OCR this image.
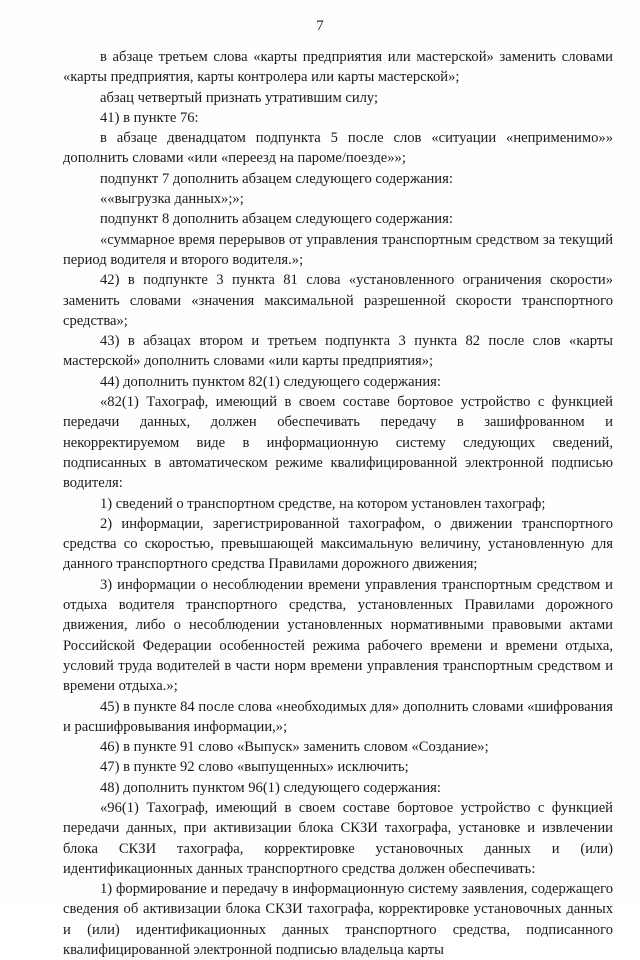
7

в абзаце третьем слова «карты предприятия или мастерской» заменить словами «карты предприятия, карты контролера или карты мастерской»;

абзац четвертый признать утратившим силу;

41) в пункте 76:

в абзаце двенадцатом подпункта 5 после слов «ситуации «неприменимо»» дополнить словами «или «переезд на пароме/поезде»»;

подпункт 7 дополнить абзацем следующего содержания:

««выгрузка данных»;»;

подпункт 8 дополнить абзацем следующего содержания:

«суммарное время перерывов от управления транспортным средством за текущий период водителя и второго водителя.»;

42) в подпункте 3 пункта 81 слова «установленного ограничения скорости» заменить словами «значения максимальной разрешенной скорости транспортного средства»;

43) в абзацах втором и третьем подпункта 3 пункта 82 после слов «карты мастерской» дополнить словами «или карты предприятия»;

44) дополнить пунктом 82(1) следующего содержания:

«82(1) Тахограф, имеющий в своем составе бортовое устройство с функцией передачи данных, должен обеспечивать передачу в зашифрованном и некорректируемом виде в информационную систему следующих сведений, подписанных в автоматическом режиме квалифицированной электронной подписью водителя:

1) сведений о транспортном средстве, на котором установлен тахограф;

2) информации, зарегистрированной тахографом, о движении транспортного средства со скоростью, превышающей максимальную величину, установленную для данного транспортного средства Правилами дорожного движения;

3) информации о несоблюдении времени управления транспортным средством и отдыха водителя транспортного средства, установленных Правилами дорожного движения, либо о несоблюдении установленных нормативными правовыми актами Российской Федерации особенностей режима рабочего времени и времени отдыха, условий труда водителей в части норм времени управления транспортным средством и времени отдыха.»;

45) в пункте 84 после слова «необходимых для» дополнить словами «шифрования и расшифровывания информации,»;

46) в пункте 91 слово «Выпуск» заменить словом «Создание»;

47) в пункте 92 слово «выпущенных» исключить;

48) дополнить пунктом 96(1) следующего содержания:

«96(1) Тахограф, имеющий в своем составе бортовое устройство с функцией передачи данных, при активизации блока СКЗИ тахографа, установке и извлечении блока СКЗИ тахографа, корректировке установочных данных и (или) идентификационных данных транспортного средства должен обеспечивать:

1) формирование и передачу в информационную систему заявления, содержащего сведения об активизации блока СКЗИ тахографа, корректировке установочных данных и (или) идентификационных данных транспортного средства, подписанного квалифицированной электронной подписью владельца карты
